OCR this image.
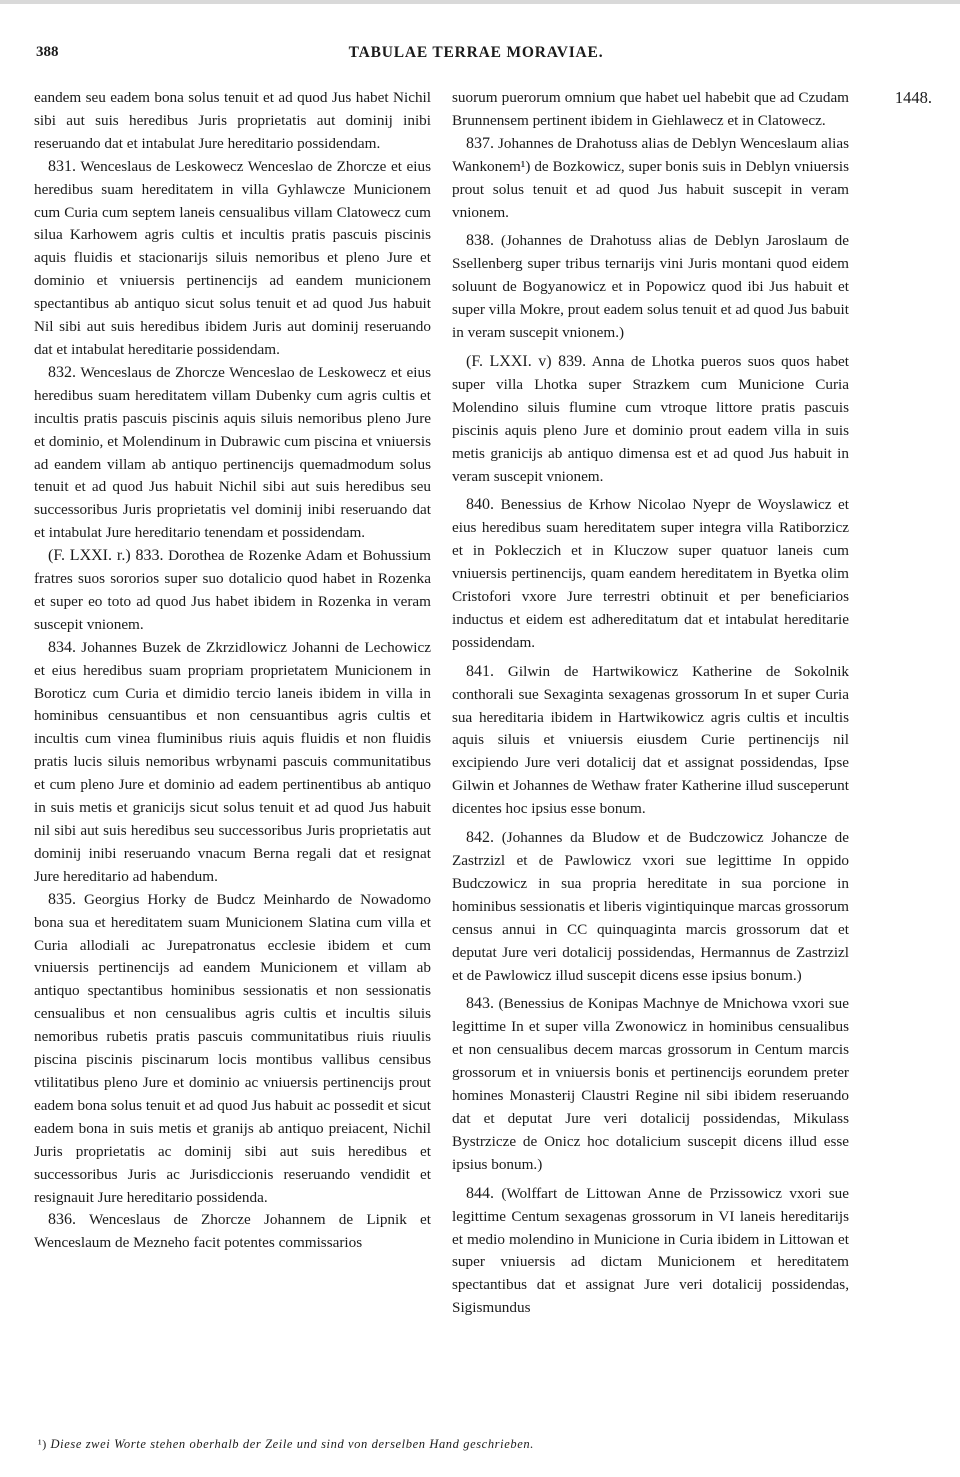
388	TABULAE TERRAE MORAVIAE.
1448.

eandem seu eadem bona solus tenuit et ad quod Jus habet Nichil sibi aut suis heredibus Juris proprietatis aut dominij inibi reseruando dat et intabulat Jure hereditario possidendam.

831. Wenceslaus de Leskowecz Wenceslao de Zhorcze et eius heredibus suam hereditatem in villa Gyhlawcze Municionem cum Curia cum septem laneis censualibus villam Clatowecz cum silua Karhowem agris cultis et incultis pratis pascuis piscinis aquis fluidis et stacionarijs siluis nemoribus et pleno Jure et dominio et vniuersis pertinencijs ad eandem municionem spectantibus ab antiquo sicut solus tenuit et ad quod Jus habuit Nil sibi aut suis heredibus ibidem Juris aut dominij reseruando dat et intabulat hereditarie possidendam.

832. Wenceslaus de Zhorcze Wenceslao de Leskowecz et eius heredibus suam hereditatem villam Dubenky cum agris cultis et incultis pratis pascuis piscinis aquis siluis nemoribus pleno Jure et dominio, et Molendinum in Dubrawic cum piscina et vniuersis ad eandem villam ab antiquo pertinencijs quemadmodum solus tenuit et ad quod Jus habuit Nichil sibi aut suis heredibus seu successoribus Juris proprietatis vel dominij inibi reseruando dat et intabulat Jure hereditario tenendam et possidendam.

(F. LXXI. r.) 833. Dorothea de Rozenke Adam et Bohussium fratres suos sororios super suo dotalicio quod habet in Rozenka et super eo toto ad quod Jus habet ibidem in Rozenka in veram suscepit vnionem.

834. Johannes Buzek de Zkrzidlowicz Johanni de Lechowicz et eius heredibus suam propriam proprietatem Municionem in Boroticz cum Curia et dimidio tercio laneis ibidem in villa in hominibus censuantibus et non censuantibus agris cultis et incultis cum vinea fluminibus riuis aquis fluidis et non fluidis pratis lucis siluis nemoribus wrbynami pascuis communitatibus et cum pleno Jure et dominio ad eadem pertinentibus ab antiquo in suis metis et granicijs sicut solus tenuit et ad quod Jus habuit nil sibi aut suis heredibus seu successoribus Juris proprietatis aut dominij inibi reseruando vnacum Berna regali dat et resignat Jure hereditario ad habendum.

835. Georgius Horky de Budcz Meinhardo de Nowadomo bona sua et hereditatem suam Municionem Slatina cum villa et Curia allodiali ac Jurepatronatus ecclesie ibidem et cum vniuersis pertinencijs ad eandem Municionem et villam ab antiquo spectantibus hominibus sessionatis et non sessionatis censualibus et non censualibus agris cultis et incultis siluis nemoribus rubetis pratis pascuis communitatibus riuis riuulis piscina piscinis piscinarum locis montibus vallibus censibus vtilitatibus pleno Jure et dominio ac vniuersis pertinencijs prout eadem bona solus tenuit et ad quod Jus habuit ac possedit et sicut eadem bona in suis metis et granijs ab antiquo preiacent, Nichil Juris proprietatis ac dominij sibi aut suis heredibus et successoribus Juris ac Jurisdiccionis reseruando vendidit et resignauit Jure hereditario possidenda.

836. Wenceslaus de Zhorcze Johannem de Lipnik et Wenceslaum de Mezneho facit potentes commissarios

suorum puerorum omnium que habet uel habebit que ad Czudam Brunnensem pertinent ibidem in Giehlawecz et in Clatowecz.

837. Johannes de Drahotuss alias de Deblyn Wenceslaum alias Wankonem¹) de Bozkowicz, super bonis suis in Deblyn vniuersis prout solus tenuit et ad quod Jus habuit suscepit in veram vnionem.

838. (Johannes de Drahotuss alias de Deblyn Jaroslaum de Ssellenberg super tribus ternarijs vini Juris montani quod eidem soluunt de Bogyanowicz et in Popowicz quod ibi Jus habuit et super villa Mokre, prout eadem solus tenuit et ad quod Jus babuit in veram suscepit vnionem.)

(F. LXXI. v) 839. Anna de Lhotka pueros suos quos habet super villa Lhotka super Strazkem cum Municione Curia Molendino siluis flumine cum vtroque littore pratis pascuis piscinis aquis pleno Jure et dominio prout eadem villa in suis metis granicijs ab antiquo dimensa est et ad quod Jus habuit in veram suscepit vnionem.

840. Benessius de Krhow Nicolao Nyepr de Woyslawicz et eius heredibus suam hereditatem super integra villa Ratiborzicz et in Pokleczich et in Kluczow super quatuor laneis cum vniuersis pertinencijs, quam eandem hereditatem in Byetka olim Cristofori vxore Jure terrestri obtinuit et per beneficiarios inductus et eidem est adhereditatum dat et intabulat hereditarie possidendam.

841. Gilwin de Hartwikowicz Katherine de Sokolnik conthorali sue Sexaginta sexagenas grossorum In et super Curia sua hereditaria ibidem in Hartwikowicz agris cultis et incultis aquis siluis et vniuersis eiusdem Curie pertinencijs nil excipiendo Jure veri dotalicij dat et assignat possidendas, Ipse Gilwin et Johannes de Wethaw frater Katherine illud susceperunt dicentes hoc ipsius esse bonum.

842. (Johannes da Bludow et de Budczowicz Johancze de Zastrzizl et de Pawlowicz vxori sue legittime In oppido Budczowicz in sua propria hereditate in sua porcione in hominibus sessionatis et liberis vigintiquinque marcas grossorum census annui in CC quinquaginta marcis grossorum dat et deputat Jure veri dotalicij possidendas, Hermannus de Zastrzizl et de Pawlowicz illud suscepit dicens esse ipsius bonum.)

843. (Benessius de Konipas Machnye de Mnichowa vxori sue legittime In et super villa Zwonowicz in hominibus censualibus et non censualibus decem marcas grossorum in Centum marcis grossorum et in vniuersis bonis et pertinencijs eorundem preter homines Monasterij Claustri Regine nil sibi ibidem reseruando dat et deputat Jure veri dotalicij possidendas, Mikulass Bystrzicze de Onicz hoc dotalicium suscepit dicens illud esse ipsius bonum.)

844. (Wolffart de Littowan Anne de Przissowicz vxori sue legittime Centum sexagenas grossorum in VI laneis hereditarijs et medio molendino in Municione in Curia ibidem in Littowan et super vniuersis ad dictam Municionem et hereditatem spectantibus dat et assignat Jure veri dotalicij possidendas, Sigismundus

¹) Diese zwei Worte stehen oberhalb der Zeile und sind von derselben Hand geschrieben.
